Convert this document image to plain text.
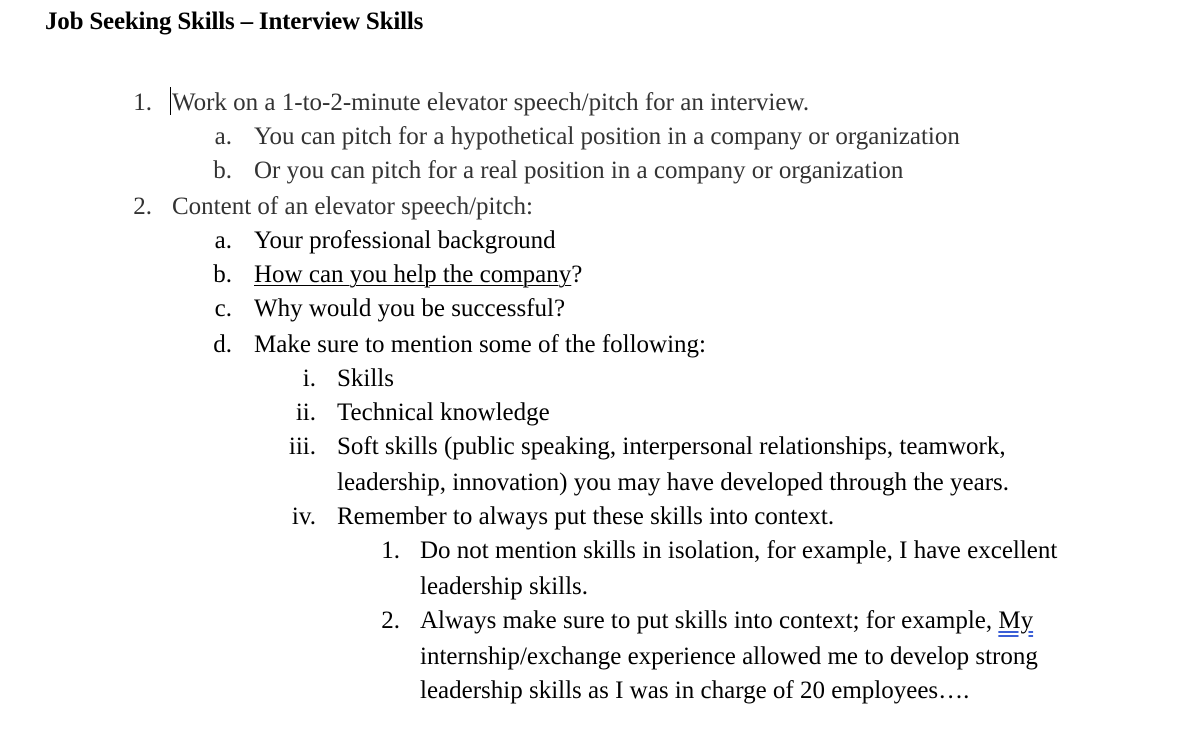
Job Seeking Skills – Interview Skills
1. Work on a 1-to-2-minute elevator speech/pitch for an interview.
a. You can pitch for a hypothetical position in a company or organization
b. Or you can pitch for a real position in a company or organization
2. Content of an elevator speech/pitch:
a. Your professional background
b. How can you help the company?
c. Why would you be successful?
d. Make sure to mention some of the following:
i. Skills
ii. Technical knowledge
iii. Soft skills (public speaking, interpersonal relationships, teamwork,
leadership, innovation) you may have developed through the years.
iv. Remember to always put these skills into context.
1. Do not mention skills in isolation, for example, I have excellent
leadership skills.
2. Always make sure to put skills into context; for example, My
internship/exchange experience allowed me to develop strong
leadership skills as I was in charge of 20 employees….
